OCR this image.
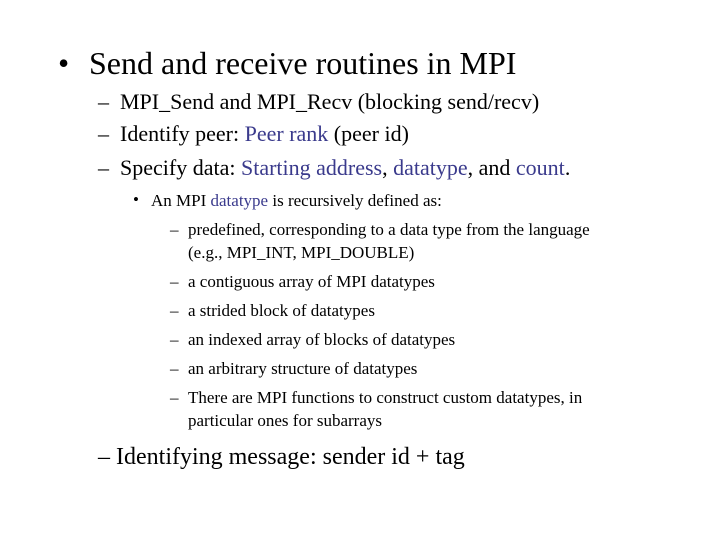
• Send and receive routines in MPI
– MPI_Send and MPI_Recv (blocking send/recv)
– Identify peer: Peer rank (peer id)
– Specify data: Starting address, datatype, and count.
• An MPI datatype is recursively defined as:
– predefined, corresponding to a data type from the language
(e.g., MPI_INT, MPI_DOUBLE)
– a contiguous array of MPI datatypes
– a strided block of datatypes
– an indexed array of blocks of datatypes
– an arbitrary structure of datatypes
– There are MPI functions to construct custom datatypes, in
particular ones for subarrays
– Identifying message: sender id + tag
